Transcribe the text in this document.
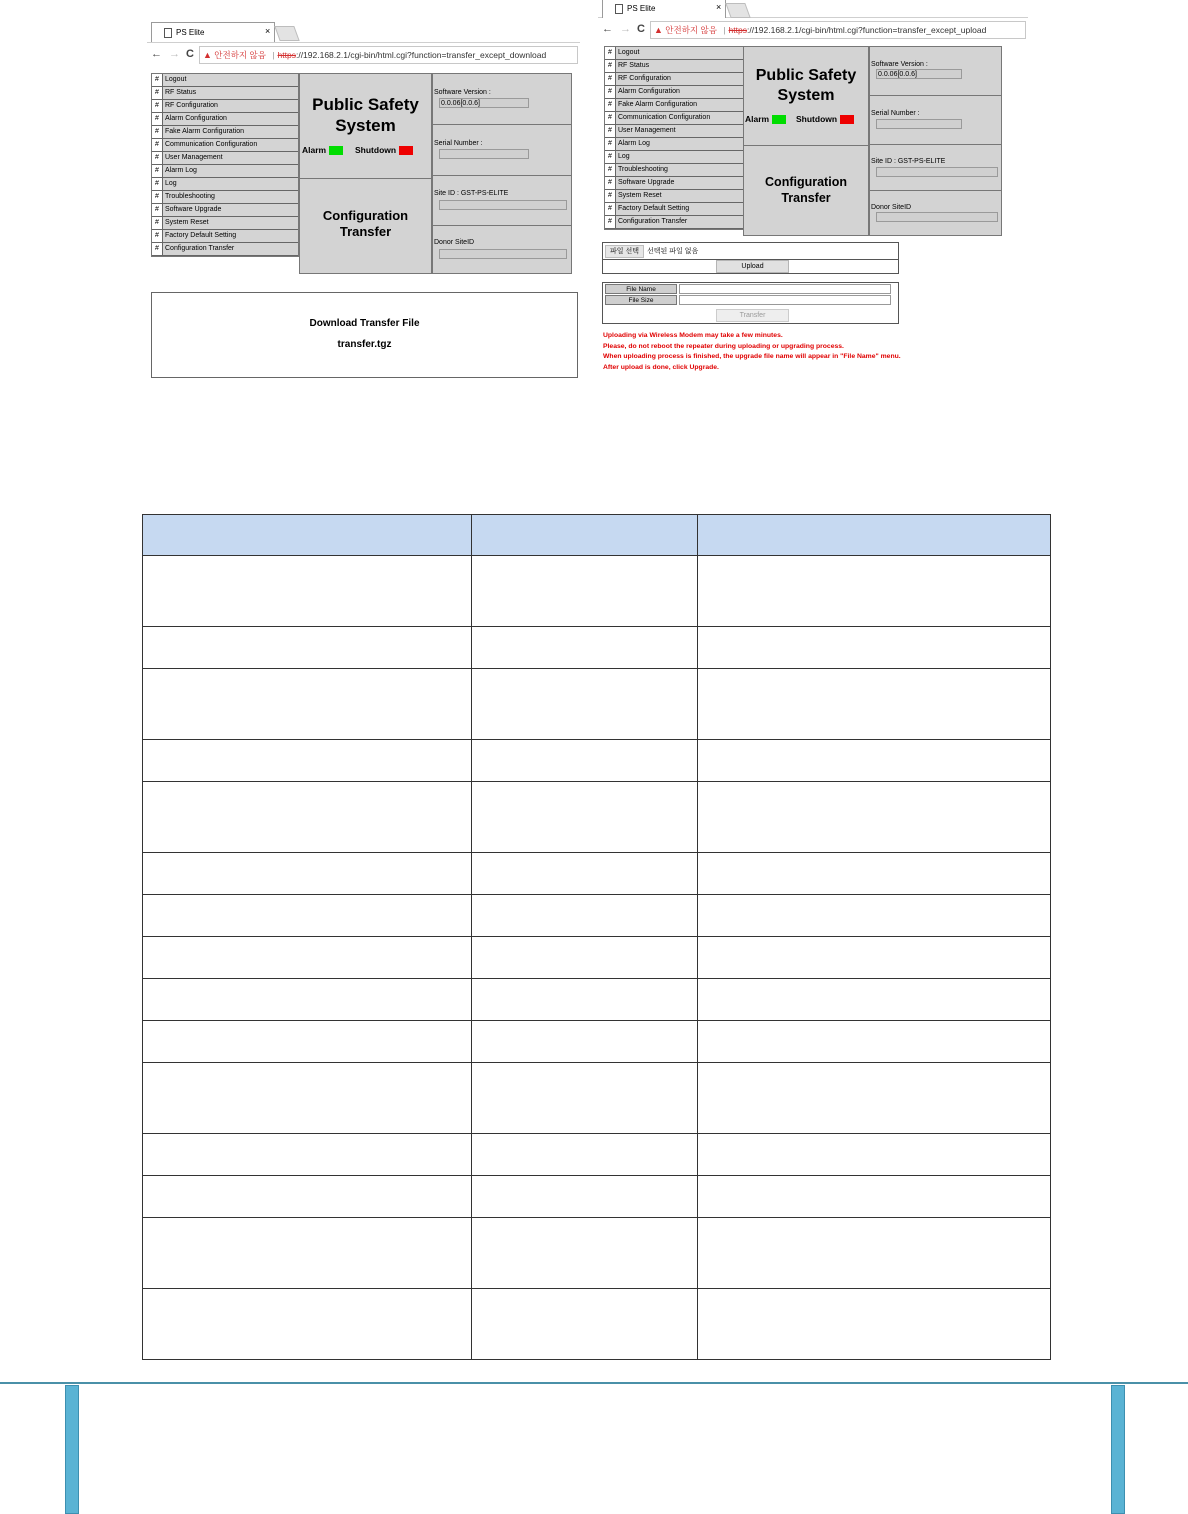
PS Elite	×
← → C	▲ 안전하지 않음 | https://192.168.2.1/cgi-bin/html.cgi?function=transfer_except_download
# Logout
# RF Status
# RF Configuration
# Alarm Configuration
# Fake Alarm Configuration
# Communication Configuration
# User Management
# Alarm Log
# Log
# Troubleshooting
# Software Upgrade
# System Reset
# Factory Default Setting
# Configuration Transfer
Public Safety
System
Alarm	Shutdown
Configuration
Transfer
Software Version :
0.0.06[0.0.6]
Serial Number :
Site ID : GST-PS-ELITE
Donor SiteID
Download Transfer File
transfer.tgz
PS Elite	×
← → C	▲ 안전하지 않음 | https://192.168.2.1/cgi-bin/html.cgi?function=transfer_except_upload
# Logout
# RF Status
# RF Configuration
# Alarm Configuration
# Fake Alarm Configuration
# Communication Configuration
# User Management
# Alarm Log
# Log
# Troubleshooting
# Software Upgrade
# System Reset
# Factory Default Setting
# Configuration Transfer
Public Safety
System
Alarm	Shutdown
Configuration
Transfer
Software Version :
0.0.06[0.0.6]
Serial Number :
Site ID : GST-PS-ELITE
Donor SiteID
파일 선택	선택된 파일 없음
Upload
File Name
File Size
Transfer
Uploading via Wireless Modem may take a few minutes.
Please, do not reboot the repeater during uploading or upgrading process.
When uploading process is finished, the upgrade file name will appear in "File Name" menu.
After upload is done, click Upgrade.
